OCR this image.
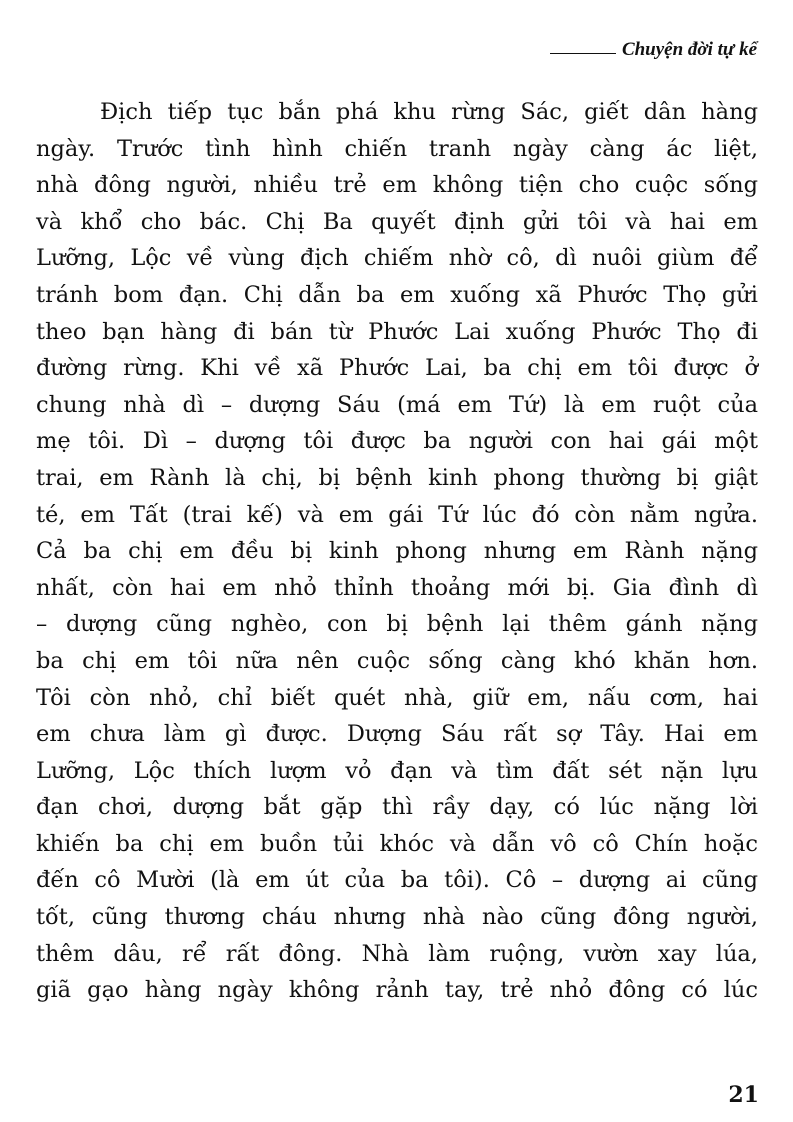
Chuyện đời tự kể
Địch tiếp tục bắn phá khu rừng Sác, giết dân hàng
ngày. Trước tình hình chiến tranh ngày càng ác liệt,
nhà đông người, nhiều trẻ em không tiện cho cuộc sống
và khổ cho bác. Chị Ba quyết định gửi tôi và hai em
Lưỡng, Lộc về vùng địch chiếm nhờ cô, dì nuôi giùm để
tránh bom đạn. Chị dẫn ba em xuống xã Phước Thọ gửi
theo bạn hàng đi bán từ Phước Lai xuống Phước Thọ đi
đường rừng. Khi về xã Phước Lai, ba chị em tôi được ở
chung nhà dì – dượng Sáu (má em Tứ) là em ruột của
mẹ tôi. Dì – dượng tôi được ba người con hai gái một
trai, em Rành là chị, bị bệnh kinh phong thường bị giật
té, em Tất (trai kế) và em gái Tứ lúc đó còn nằm ngửa.
Cả ba chị em đều bị kinh phong nhưng em Rành nặng
nhất, còn hai em nhỏ thỉnh thoảng mới bị. Gia đình dì
– dượng cũng nghèo, con bị bệnh lại thêm gánh nặng
ba chị em tôi nữa nên cuộc sống càng khó khăn hơn.
Tôi còn nhỏ, chỉ biết quét nhà, giữ em, nấu cơm, hai
em chưa làm gì được. Dượng Sáu rất sợ Tây. Hai em
Lưỡng, Lộc thích lượm vỏ đạn và tìm đất sét nặn lựu
đạn chơi, dượng bắt gặp thì rầy dạy, có lúc nặng lời
khiến ba chị em buồn tủi khóc và dẫn vô cô Chín hoặc
đến cô Mười (là em út của ba tôi). Cô – dượng ai cũng
tốt, cũng thương cháu nhưng nhà nào cũng đông người,
thêm dâu, rể rất đông. Nhà làm ruộng, vườn xay lúa,
giã gạo hàng ngày không rảnh tay, trẻ nhỏ đông có lúc
21
